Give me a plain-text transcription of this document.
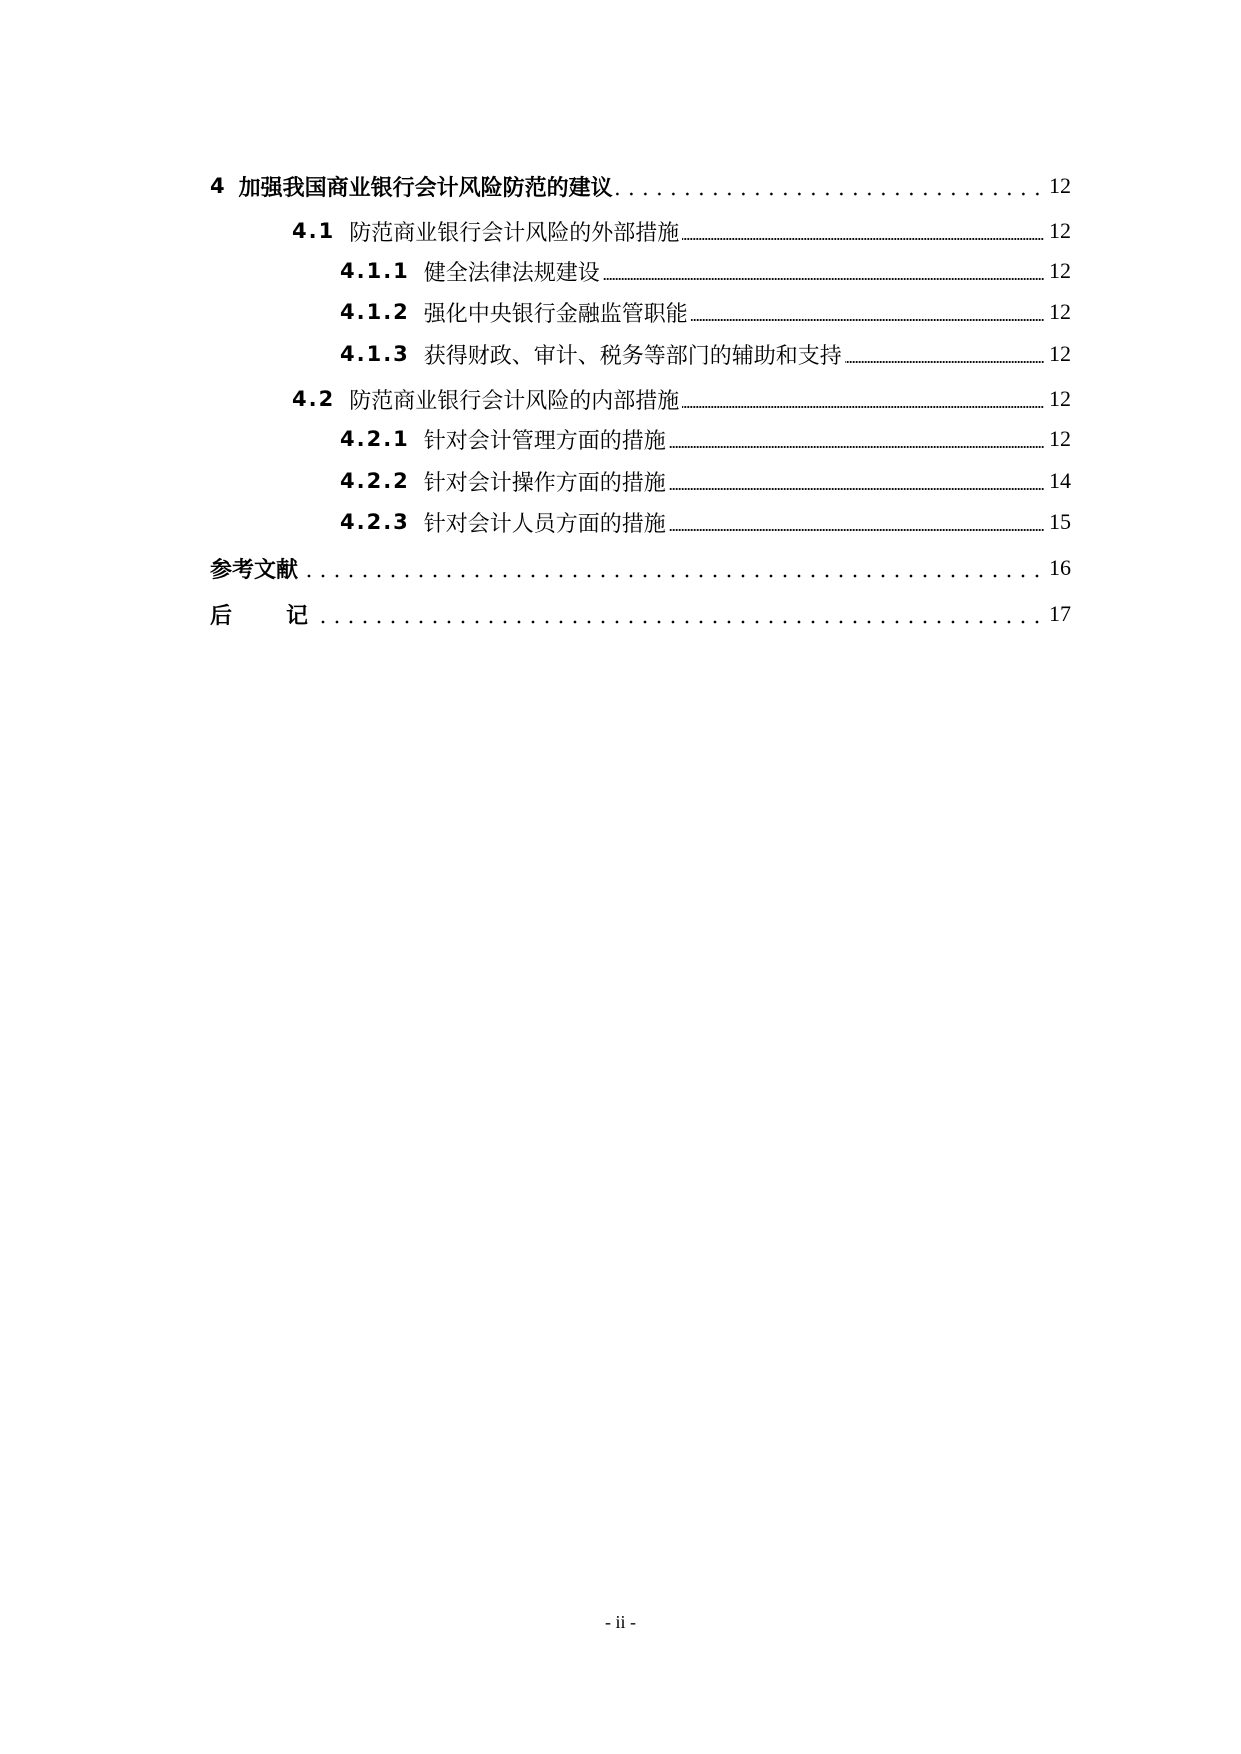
4 加强我国商业银行会计风险防范的建议	12
4.1 防范商业银行会计风险的外部措施	12
4.1.1 健全法律法规建设	12
4.1.2 强化中央银行金融监管职能	12
4.1.3 获得财政、审计、税务等部门的辅助和支持	12
4.2 防范商业银行会计风险的内部措施	12
4.2.1 针对会计管理方面的措施	12
4.2.2 针对会计操作方面的措施	14
4.2.3 针对会计人员方面的措施	15
参考文献	16
后	记	17
- ii -
